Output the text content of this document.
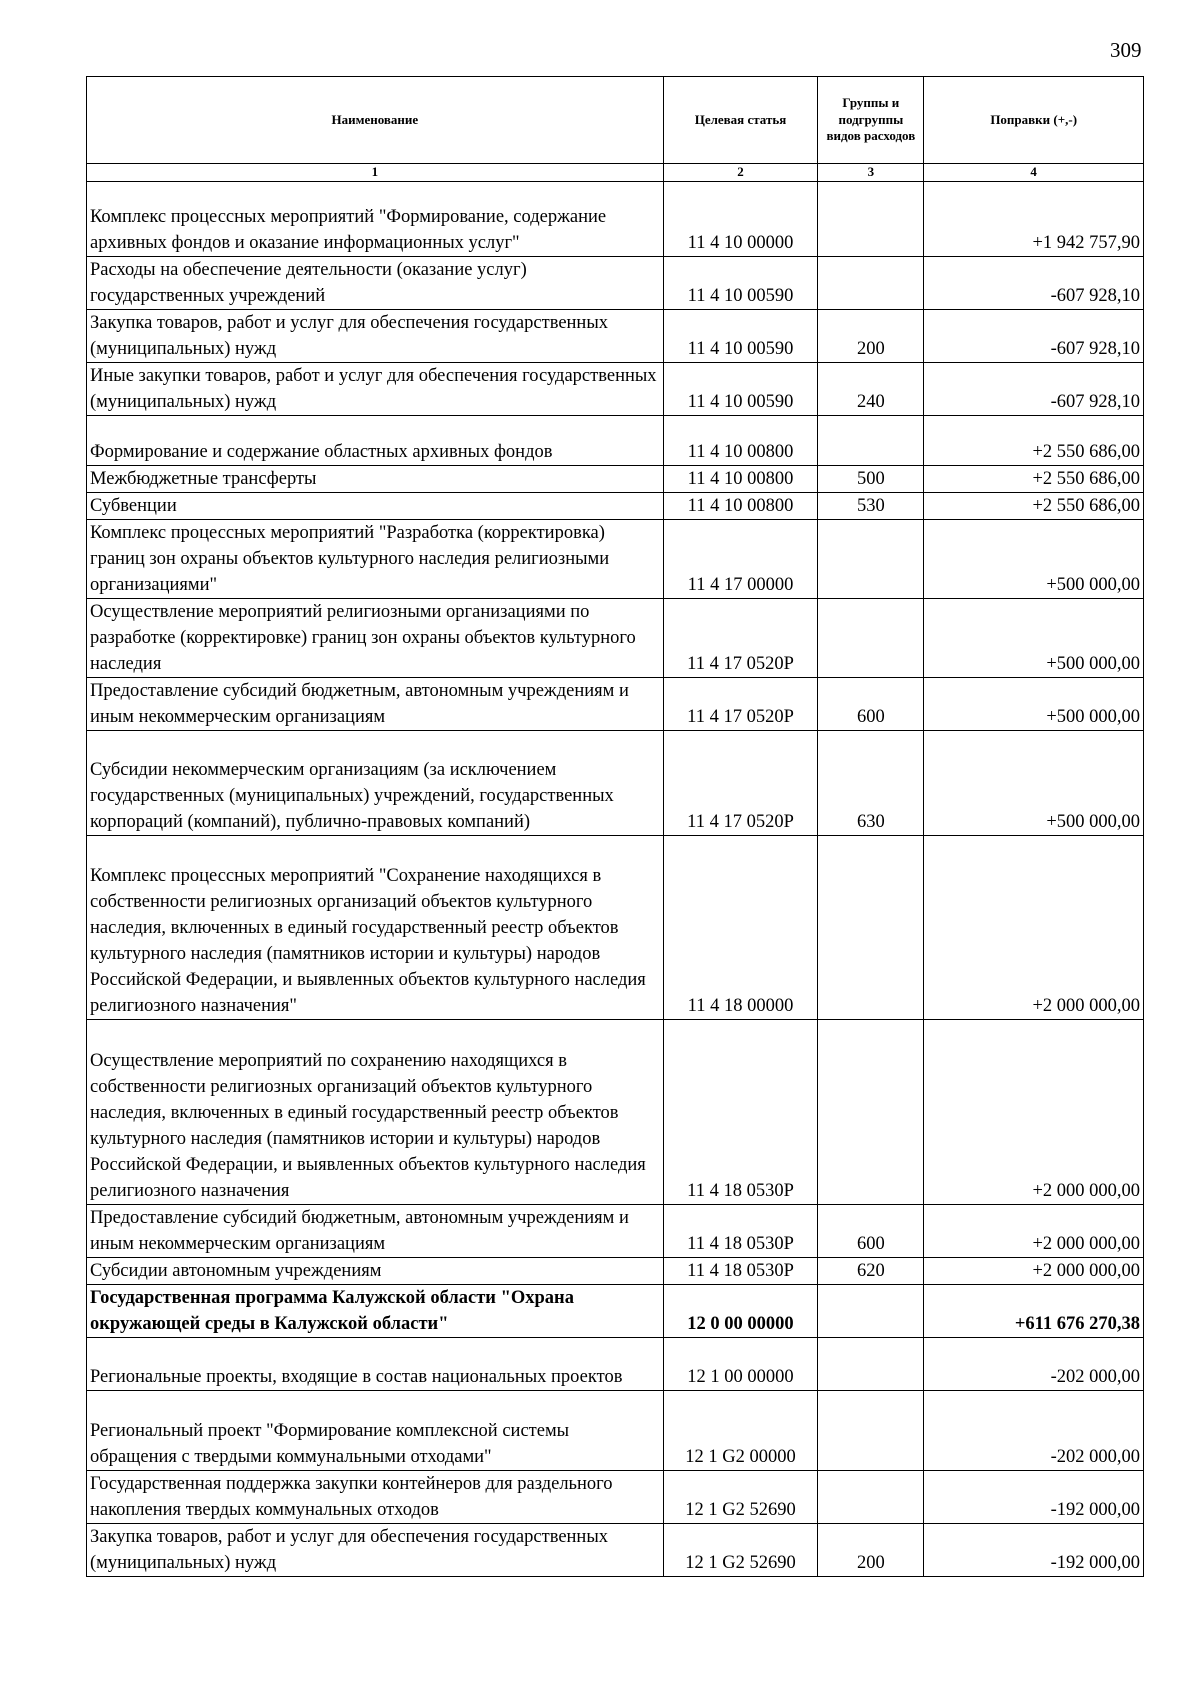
309
Наименование	Целевая статья	Группы и подгруппы видов расходов	Поправки (+,-)
1	2	3	4
Комплекс процессных мероприятий "Формирование, содержание архивных фондов и оказание информационных услуг"	11 4 10 00000		+1 942 757,90
Расходы на обеспечение деятельности (оказание услуг) государственных учреждений	11 4 10 00590		-607 928,10
Закупка товаров, работ и услуг для обеспечения государственных (муниципальных) нужд	11 4 10 00590	200	-607 928,10
Иные закупки товаров, работ и услуг для обеспечения государственных (муниципальных) нужд	11 4 10 00590	240	-607 928,10
Формирование и содержание областных архивных фондов	11 4 10 00800		+2 550 686,00
Межбюджетные трансферты	11 4 10 00800	500	+2 550 686,00
Субвенции	11 4 10 00800	530	+2 550 686,00
Комплекс процессных мероприятий "Разработка (корректировка) границ зон охраны объектов культурного наследия религиозными организациями"	11 4 17 00000		+500 000,00
Осуществление мероприятий религиозными организациями по разработке (корректировке) границ зон охраны объектов культурного наследия	11 4 17 0520P		+500 000,00
Предоставление субсидий бюджетным, автономным учреждениям и иным некоммерческим организациям	11 4 17 0520P	600	+500 000,00
Субсидии некоммерческим организациям (за исключением государственных (муниципальных) учреждений, государственных корпораций (компаний), публично-правовых компаний)	11 4 17 0520P	630	+500 000,00
Комплекс процессных мероприятий "Сохранение находящихся в собственности религиозных организаций объектов культурного наследия, включенных в единый государственный реестр объектов культурного наследия (памятников истории и культуры) народов Российской Федерации, и выявленных объектов культурного наследия религиозного назначения"	11 4 18 00000		+2 000 000,00
Осуществление мероприятий по сохранению находящихся в собственности религиозных организаций объектов культурного наследия, включенных в единый государственный реестр объектов культурного наследия (памятников истории и культуры) народов Российской Федерации, и выявленных объектов культурного наследия религиозного назначения	11 4 18 0530P		+2 000 000,00
Предоставление субсидий бюджетным, автономным учреждениям и иным некоммерческим организациям	11 4 18 0530P	600	+2 000 000,00
Субсидии автономным учреждениям	11 4 18 0530P	620	+2 000 000,00
Государственная программа Калужской области "Охрана окружающей среды в Калужской области"	12 0 00 00000		+611 676 270,38
Региональные проекты, входящие в состав национальных проектов	12 1 00 00000		-202 000,00
Региональный проект "Формирование комплексной системы обращения с твердыми коммунальными отходами"	12 1 G2 00000		-202 000,00
Государственная поддержка закупки контейнеров для раздельного накопления твердых коммунальных отходов	12 1 G2 52690		-192 000,00
Закупка товаров, работ и услуг для обеспечения государственных (муниципальных) нужд	12 1 G2 52690	200	-192 000,00
